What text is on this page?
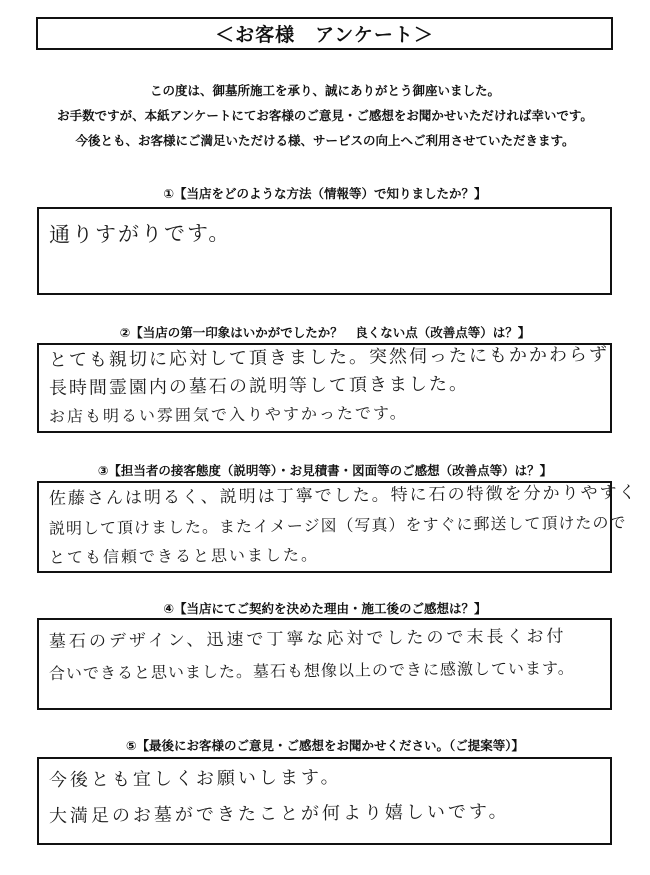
＜お客様　アンケート＞
この度は、御墓所施工を承り、誠にありがとう御座いました。
お手数ですが、本紙アンケートにてお客様のご意見・ご感想をお聞かせいただければ幸いです。
今後とも、お客様にご満足いただける様、サービスの向上へご利用させていただきます。
①【当店をどのような方法（情報等）で知りましたか？】
通りすがりです。
②【当店の第一印象はいかがでしたか？　良くない点（改善点等）は？】
とても親切に応対して頂きました。突然伺ったにもかかわらず
長時間霊園内の墓石の説明等して頂きました。
お店も明るい雰囲気で入りやすかったです。
③【担当者の接客態度（説明等）・お見積書・図面等のご感想（改善点等）は？】
佐藤さんは明るく、説明は丁寧でした。特に石の特徴を分かりやすく
説明して頂けました。またイメージ図（写真）をすぐに郵送して頂けたので
とても信頼できると思いました。
④【当店にてご契約を決めた理由・施工後のご感想は？】
墓石のデザイン、迅速で丁寧な応対でしたので末長くお付
合いできると思いました。墓石も想像以上のできに感激しています。
⑤【最後にお客様のご意見・ご感想をお聞かせください。（ご提案等）】
今後とも宜しくお願いします。
大満足のお墓ができたことが何より嬉しいです。
